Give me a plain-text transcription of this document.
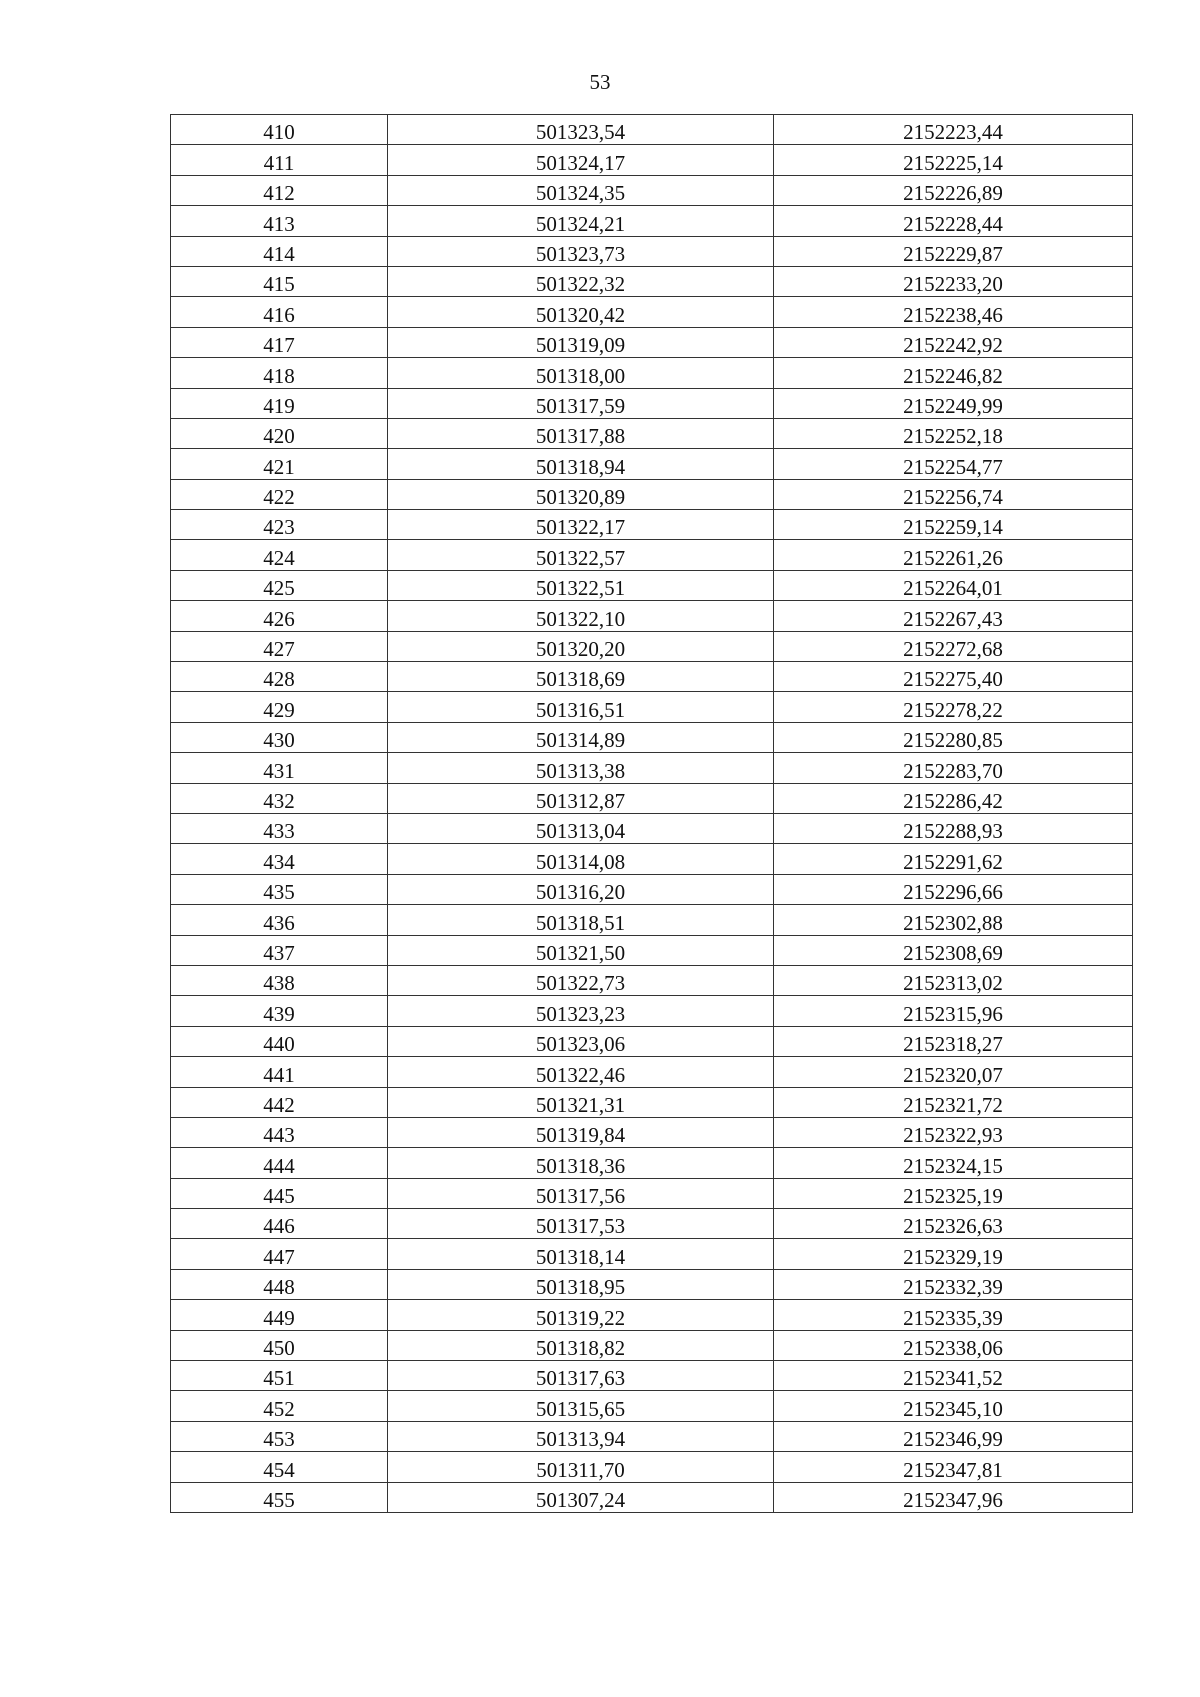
53
410	501323,54	2152223,44
411	501324,17	2152225,14
412	501324,35	2152226,89
413	501324,21	2152228,44
414	501323,73	2152229,87
415	501322,32	2152233,20
416	501320,42	2152238,46
417	501319,09	2152242,92
418	501318,00	2152246,82
419	501317,59	2152249,99
420	501317,88	2152252,18
421	501318,94	2152254,77
422	501320,89	2152256,74
423	501322,17	2152259,14
424	501322,57	2152261,26
425	501322,51	2152264,01
426	501322,10	2152267,43
427	501320,20	2152272,68
428	501318,69	2152275,40
429	501316,51	2152278,22
430	501314,89	2152280,85
431	501313,38	2152283,70
432	501312,87	2152286,42
433	501313,04	2152288,93
434	501314,08	2152291,62
435	501316,20	2152296,66
436	501318,51	2152302,88
437	501321,50	2152308,69
438	501322,73	2152313,02
439	501323,23	2152315,96
440	501323,06	2152318,27
441	501322,46	2152320,07
442	501321,31	2152321,72
443	501319,84	2152322,93
444	501318,36	2152324,15
445	501317,56	2152325,19
446	501317,53	2152326,63
447	501318,14	2152329,19
448	501318,95	2152332,39
449	501319,22	2152335,39
450	501318,82	2152338,06
451	501317,63	2152341,52
452	501315,65	2152345,10
453	501313,94	2152346,99
454	501311,70	2152347,81
455	501307,24	2152347,96
